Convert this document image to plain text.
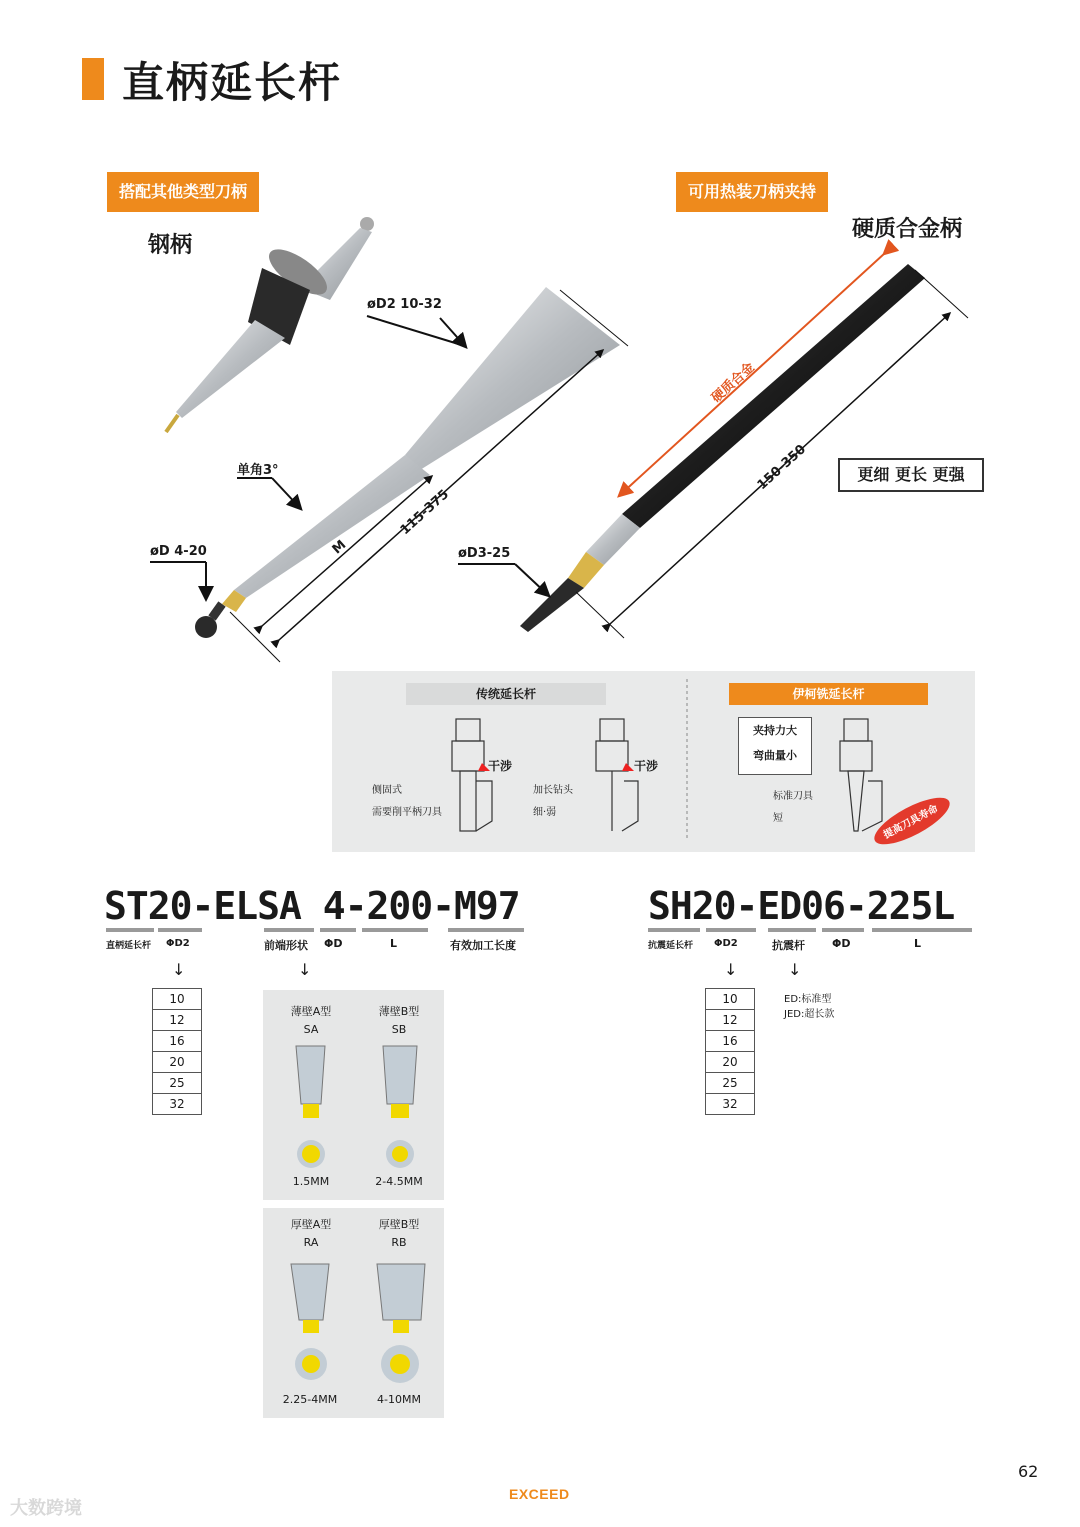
直柄延长杆
搭配其他类型刀柄
钢柄
øD2 10-32
单角3°
øD 4-20
115-375
M
可用热装刀柄夹持
硬质合金柄
硬质合金
150-350
øD3-25
更细 更长 更强
传统延长杆	伊柯铣延长杆
干涉	干涉
侧固式
需要削平柄刀具
加长钻头
细·弱
夹持力大
弯曲量小
标准刀具
短	提高刀具寿命
ST20-ELSA 4-200-M97
直柄延长杆 ΦD2	前端形状 ΦD	L	有效加工长度
↓	↓
10
12
16
20
25
32
薄壁A型
SA
1.5MM
薄壁B型
SB
2-4.5MM
厚壁A型
RA
2.25-4MM
厚壁B型
RB
4-10MM
SH20-ED06-225L
抗震延长杆 ΦD2	抗震杆 ΦD	L
↓	↓
ED:标准型
JED:超长款
10
12
16
20
25
32
62
EXCEED
大数跨境
